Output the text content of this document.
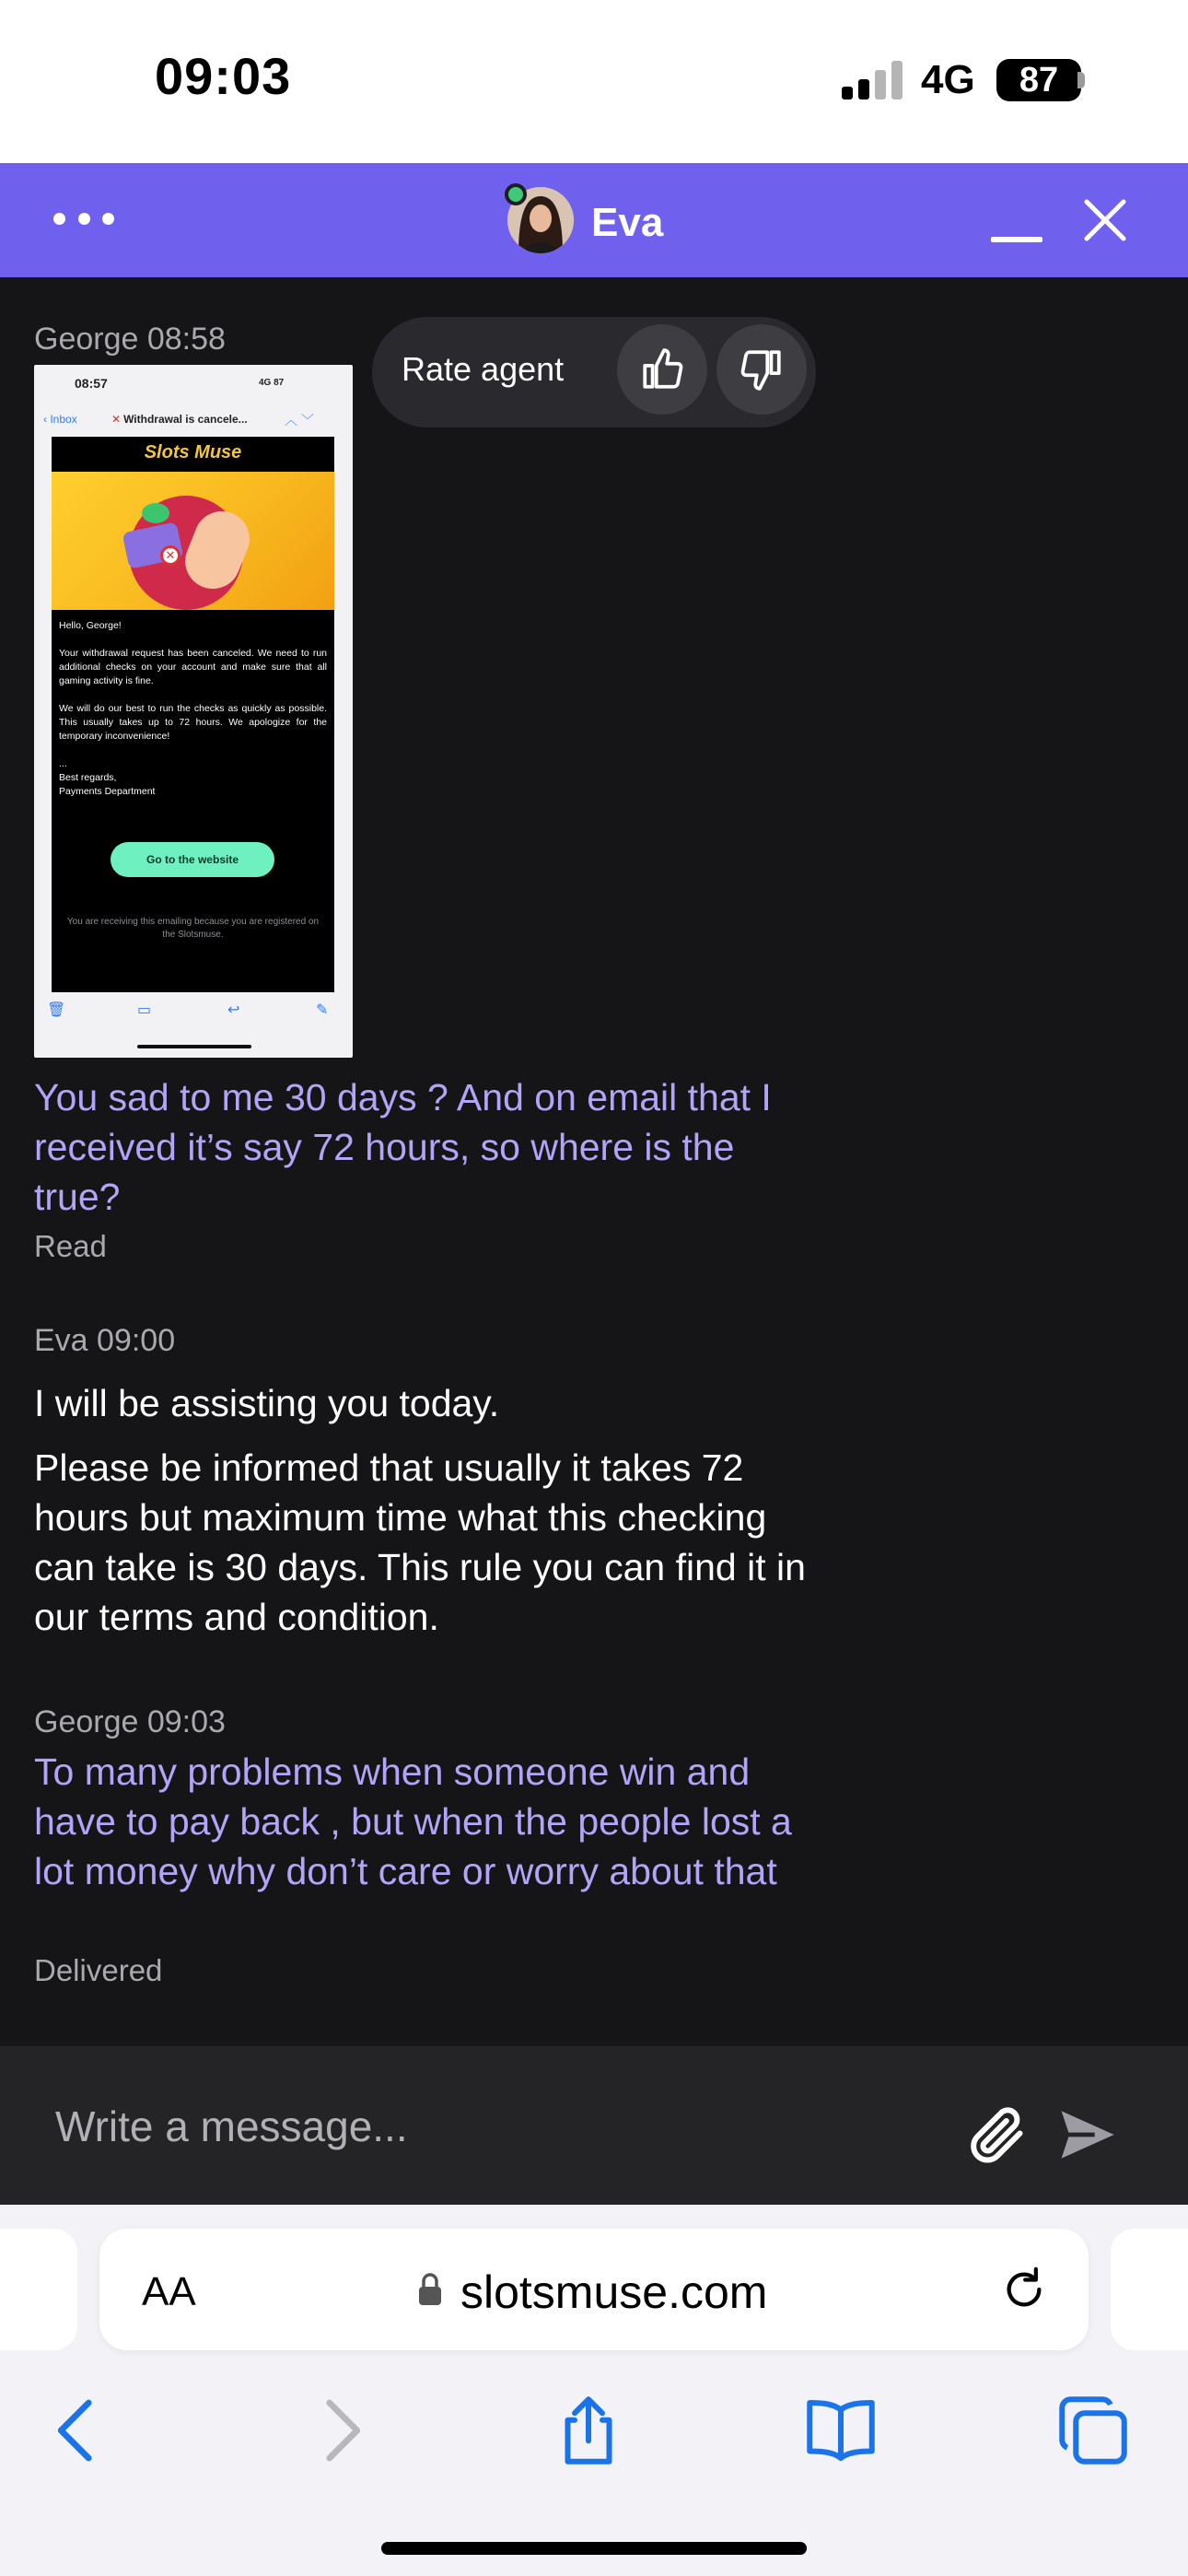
09:03	4G	87
Eva
George 08:58
08:57	4G 87
‹ Inbox	✕ Withdrawal is cancele...	︿ ﹀
Slots Muse
✕
Hello, George!

Your withdrawal request has been canceled. We need to run additional checks on your account and make sure that all gaming activity is fine.

We will do our best to run the checks as quickly as possible. This usually takes up to 72 hours. We apologize for the temporary inconvenience!

...
Best regards,
Payments Department
Go to the website
You are receiving this emailing because you are registered on the Slotsmuse.
🗑	▭	↩	✎
You sad to me 30 days ? And on email that I received it’s say 72 hours, so where is the true?
Read
Eva 09:00
I will be assisting you today.
Please be informed that usually it takes 72 hours but maximum time what this checking can take is 30 days. This rule you can find it in our terms and condition.
George 09:03
To many problems when someone win and have to pay back , but when the people lost a lot money why don’t care or worry about that
Delivered
Rate agent
Write a message...
AA	slotsmuse.com
